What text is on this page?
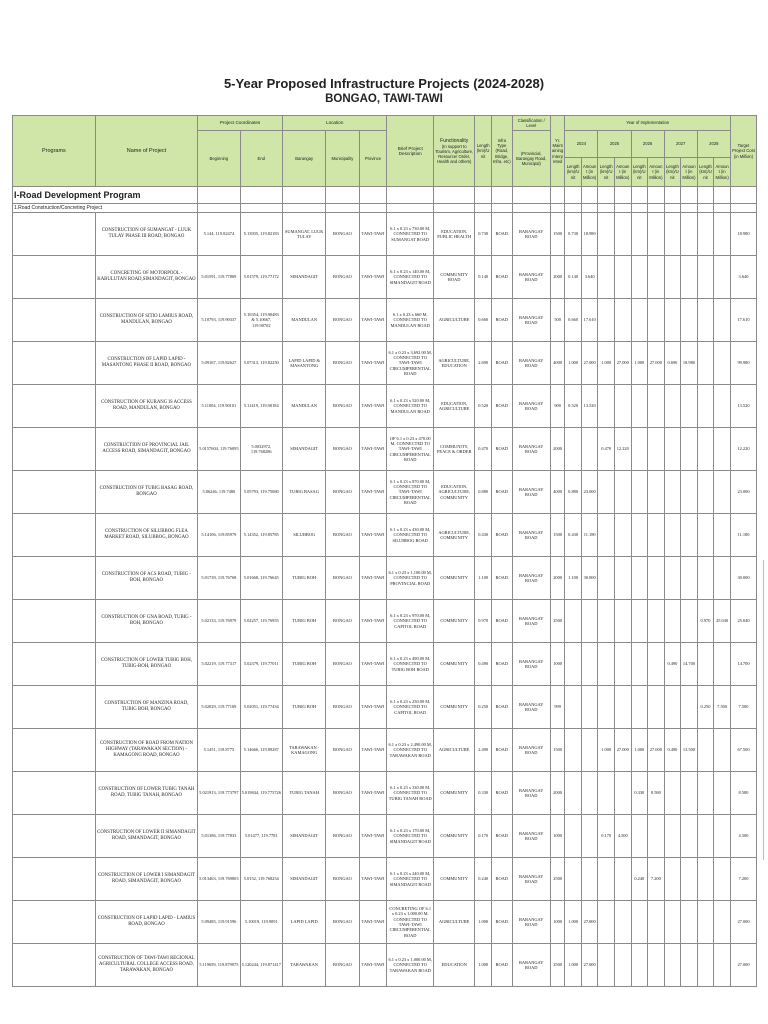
5-Year Proposed Infrastructure Projects (2024-2028)
BONGAO, TAWI-TAWI
Programs	Name of Project	Project Coordinates		Location			Brief Project Description	Functionality
(In support to Tourism, Agriculture, Resource/ Order, Health and others)	Length (km)/Unit	Infra Type (Road, Bridge, Infra. etc)	Classification / Level	Yr. Maintaining Interpreted	Year of Implementation										Target Project Cost (in Million)
		Beginning	End	Barangay	Municipality	Province					(Provincial, Barangay Road, Municipal)		2024		2025		2026		2027		2028		
													Length (km)/Unit	Amount (in Million)	Length (km)/Unit	Amount (in Million)	Length (km)/Unit	Amount (in Million)	Length (km)/Unit	Amount (in Million)	Length (km)/Unit	Amount (in Million)	
I-Road Development Program																							
1.Road Construction/Concreting Project																							
	CONSTRUCTION OF SUMANGAT - LUUK TULAY PHASE III ROAD, BONGAO	5.144, 119.82474	5.13935, 119.82183	SUMANGAT, LUUK TULAY	BONGAO	TAWI-TAWI	6.1 x 0.23 x 730.00 M, CONNECTED TO SUMANGAT ROAD	EDUCATION, PUBLIC HEALTH	0.730	ROAD	BARANGAY ROAD	1500	0.730	18.980									18.980
	CONCRETING OF MOTORPOOL - KABULUTAN ROAD,SIMANDAGIT, BONGAO	5.01591, 119.77869	5.01579, 119.77172	SIMANDAGIT	BONGAO	TAWI-TAWI	6.1 x 0.23 x 140.00 M, CONNECTED TO SIMANDAGIT ROAD	COMMUNITY ROAD	0.140	ROAD	BARANGAY ROAD	2000	0.140	3.640									3.640
	CONSTRUCTION OF SITIO LAMIUS ROAD, MANDULAN, BONGAO	5.10793, 119.90337	5.10354, 119.90483 & 5.10667, 119.90702	MANDULAN	BONGAO	TAWI-TAWI	6.1 x 0.23 x 660 M, CONNECTED TO MANDULAN ROAD	AGRICULTURE	0.660	ROAD	BARANGAY ROAD	500	0.660	17.610									17.610
	CONSTRUCTION OF LAPID LAPID - MASANTONG PHASE II ROAD, BONGAO	5.09167, 119.82627	5.07313, 119.82250	LAPID LAPID & MASANTONG	BONGAO	TAWI-TAWI	6.1 x 0.23 x 3,692.00 M, CONNECTED TO TAWI-TAWI CIRCUMFERENTIAL ROAD	AGRICULTURE, EDUCATION	2.690	ROAD	BARANGAY ROAD	4000	1.000	27.000	1.000	27.000	1.000	27.000	0.690	18.980			99.980
	CONSTRUCTION OF KURANG IS ACCESS ROAD, MANDULAN, BONGAO	5.11004, 119.90101	5.11419, 119.90184	MANDULAN	BONGAO	TAWI-TAWI	6.1 x 0.23 x 520.00 M, CONNECTED TO MANDULAN ROAD	EDUCATION, AGRICULTURE	0.520	ROAD	BARANGAY ROAD	900	0.520	13.520									13.520
	CONSTRUCTION OF PROVINCIAL JAIL ACCESS ROAD, SIMANDAGIT, BONGAO	5.0157604, 119.76095	5.0032972, 119.768286	SIMANDAGIT	BONGAO	TAWI-TAWI	OF 6.1 x 0.23 x 470.00 M, CONNECTED TO TAWI-TAWI CIRCUMFERENTIAL ROAD	COMMUNITY, PEACE & ORDER	0.470	ROAD	BARANGAY ROAD	2000			0.470	12.220							12.220
	CONSTRUCTION OF TUBIG BASAG ROAD, BONGAO	5.06246, 119.7480	5.05793, 119.75080	TUBIG BASAG	BONGAO	TAWI-TAWI	6.1 x 0.23 x 870.00 M, CONNECTED TO TAWI-TAWI CIRCUMFERENTIAL ROAD	EDUCATION, AGRICULTURE, COMMUNITY	0.880	ROAD	BARANGAY ROAD	4000	0.880	23.000									23.000
	CONSTRUCTION OF SILUBBOG FLEA MARKET ROAD, SILUBBOG, BONGAO	5.14106, 119.85979	5.14352, 119.85785	SILUBBOG	BONGAO	TAWI-TAWI	6.1 x 0.23 x 430.00 M, CONNECTED TO SILUBBOG ROAD	AGRICULTURE, COMMUNITY	0.430	ROAD	BARANGAY ROAD	1500	0.430	11.180									11.180
	CONSTRUCTION OF ACS ROAD, TUBIG - BOH, BONGAO	5.01739, 119.76768	5.01668, 119.76645	TUBIG BOH	BONGAO	TAWI-TAWI	6.1 x 0.23 x 1,100.00 M, CONNECTED TO PROVINCIAL ROAD	COMMUNITY	1.100	ROAD	BARANGAY ROAD	2000	1.100	30.000									30.000
	CONSTRUCTION OF GNA ROAD, TUBIG - BOH, BONGAO	5.02133, 119.76979	5.02257, 119.76955	TUBIG BOH	BONGAO	TAWI-TAWI	6.1 x 0.23 x 970.00 M, CONNECTED TO CAPITOL ROAD	COMMUNITY	0.970	ROAD	BARANGAY ROAD	2500									0.970	25.040	25.040
	CONSTRUCTION OF LOWER TUBIG BOH, TUBIG-BOH, BONGAO	5.02219, 119.77317	5.02379, 119.77011	TUBIG BOH	BONGAO	TAWI-TAWI	6.1 x 0.23 x 490.00 M, CONNECTED TO TUBIG BOH ROAD	COMMUNITY	0.490	ROAD	BARANGAY ROAD	1000							0.490	14.700			14.700
	CONSTRUCTION OF MANZINA ROAD, TUBIG BOH, BONGAO	5.02029, 119.77169	5.02051, 119.77434	TUBIG BOH	BONGAO	TAWI-TAWI	6.1 x 0.23 x 250.00 M, CONNECTED TO CAPITOL ROAD	COMMUNITY	0.250	ROAD	BARANGAY ROAD	999									0.250	7.500	7.500
	CONSTRUCTION OF ROAD FROM NATION HIGHWAY (TARAWAKAN SECTION) - KAMAGONG ROAD, BONGAO	5.1451, 119.8775	5.14666, 119.89287	TARAWAKAN - KAMAGONG	BONGAO	TAWI-TAWI	6.1 x 0.23 x 2,490.00 M, CONNECTED TO TARAWAKAN ROAD	AGRICULTURE	2.490	ROAD	BARANGAY ROAD	1500			1.000	27.000	1.000	27.000	0.490	13.500			67.500
	CONSTRUCTION OF LOWER TUBIG TANAH ROAD, TUBIG TANAH, BONGAO	5.021913, 119.773797	5.019844, 119.773726	TUBIG TANAH	BONGAO	TAWI-TAWI	6.1 x 0.23 x 330.00 M, CONNECTED TO TUBIG TANAH ROAD	COMMUNITY	0.330	ROAD	BARANGAY ROAD	2000					0.330	8.580					8.580
	CONSTRUCTION OF LOWER II SIMANDAGIT ROAD, SIMANDAGIT, BONGAO	5.01386, 119.77833	5.01477, 119.7781	SIMANDAGIT	BONGAO	TAWI-TAWI	6.1 x 0.23 x 170.00 M, CONNECTED TO SIMANDAGIT ROAD	COMMUNITY	0.170	ROAD	BARANGAY ROAD	1000			0.170	4.500							4.500
	CONSTRUCTION OF LOWER I SIMANDAGIT ROAD, SIMANDAGIT, BONGAO	5.013463, 119.769803	5.0152, 119.768254	SIMANDAGIT	BONGAO	TAWI-TAWI	6.1 x 0.23 x 240.00 M, CONNECTED TO SIMANDAGIT ROAD	COMMUNITY	0.240	ROAD	BARANGAY ROAD	2500					0.240	7.200					7.200
	CONSTRUCTION OF LAPID LAPID - LAMIUS ROAD, BONGAO	5.09485, 119.91596	5.10019, 119.9091	LAPID LAPID	BONGAO	TAWI-TAWI	CONCRETING OF 6.1 x 0.23 x 1,000.00 M, CONNECTED TO TAWI-TAWI CIRCUMFERENTIAL ROAD	AGRICULTURE	1.000	ROAD	BARANGAY ROAD	1000	1.000	27.000									27.000
	CONSTRUCTION OF TAWI-TAWI REGIONAL AGRICULTURAL COLLEGE ACCESS ROAD, TARAWAKAN, BONGAO	5.119659, 119.879975	5.120244, 119.871417	TARAWAKAN	BONGAO	TAWI-TAWI	6.1 x 0.23 x 1,000.00 M, CONNECTED TO TARAWAKAN ROAD	EDUCATION	1.000	ROAD	BARANGAY ROAD	2500	1.000	27.000									27.000
